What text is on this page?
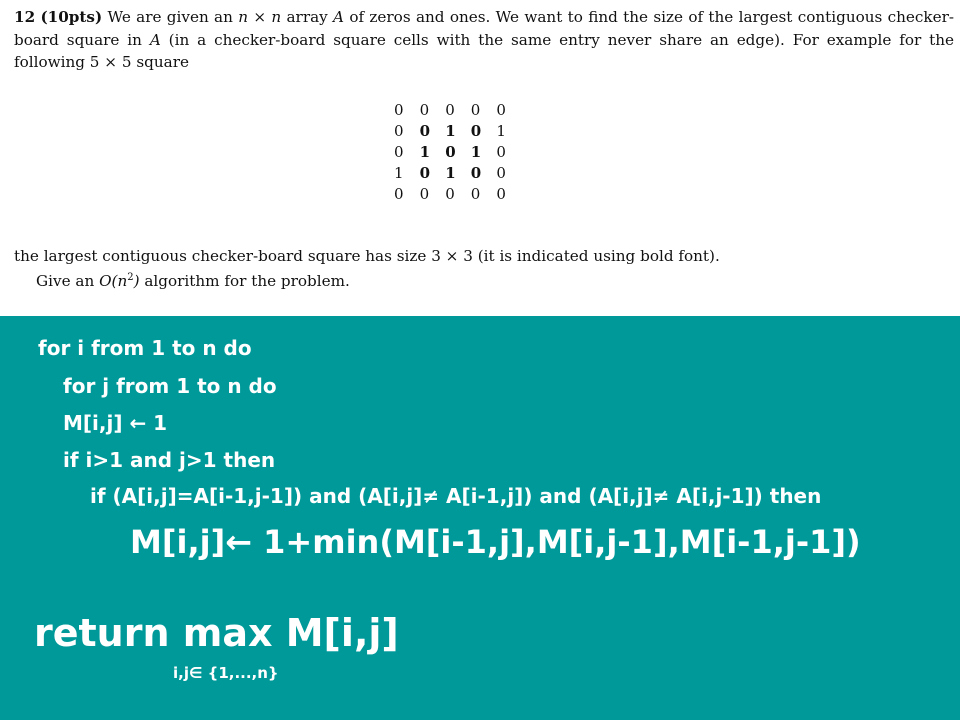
12 (10pts) We are given an n × n array A of zeros and ones. We want to find the size of the largest contiguous checker-board square in A (in a checker-board square cells with the same entry never share an edge). For example for the following 5 × 5 square

0	0	0	0	0
0	0	1	0	1
0	1	0	1	0
1	0	1	0	0
0	0	0	0	0

the largest contiguous checker-board square has size 3 × 3 (it is indicated using bold font).

Give an $O(n^2)$ algorithm for the problem.

for i from 1 to n do

for j from 1 to n do

M[i,j] ← 1

if i>1 and j>1 then

if (A[i,j]=A[i-1,j-1]) and (A[i,j]≠ A[i-1,j]) and (A[i,j]≠ A[i,j-1]) then

M[i,j]← 1+min(M[i-1,j],M[i,j-1],M[i-1,j-1])

return max M[i,j]

i,j∈ {1,...,n}
